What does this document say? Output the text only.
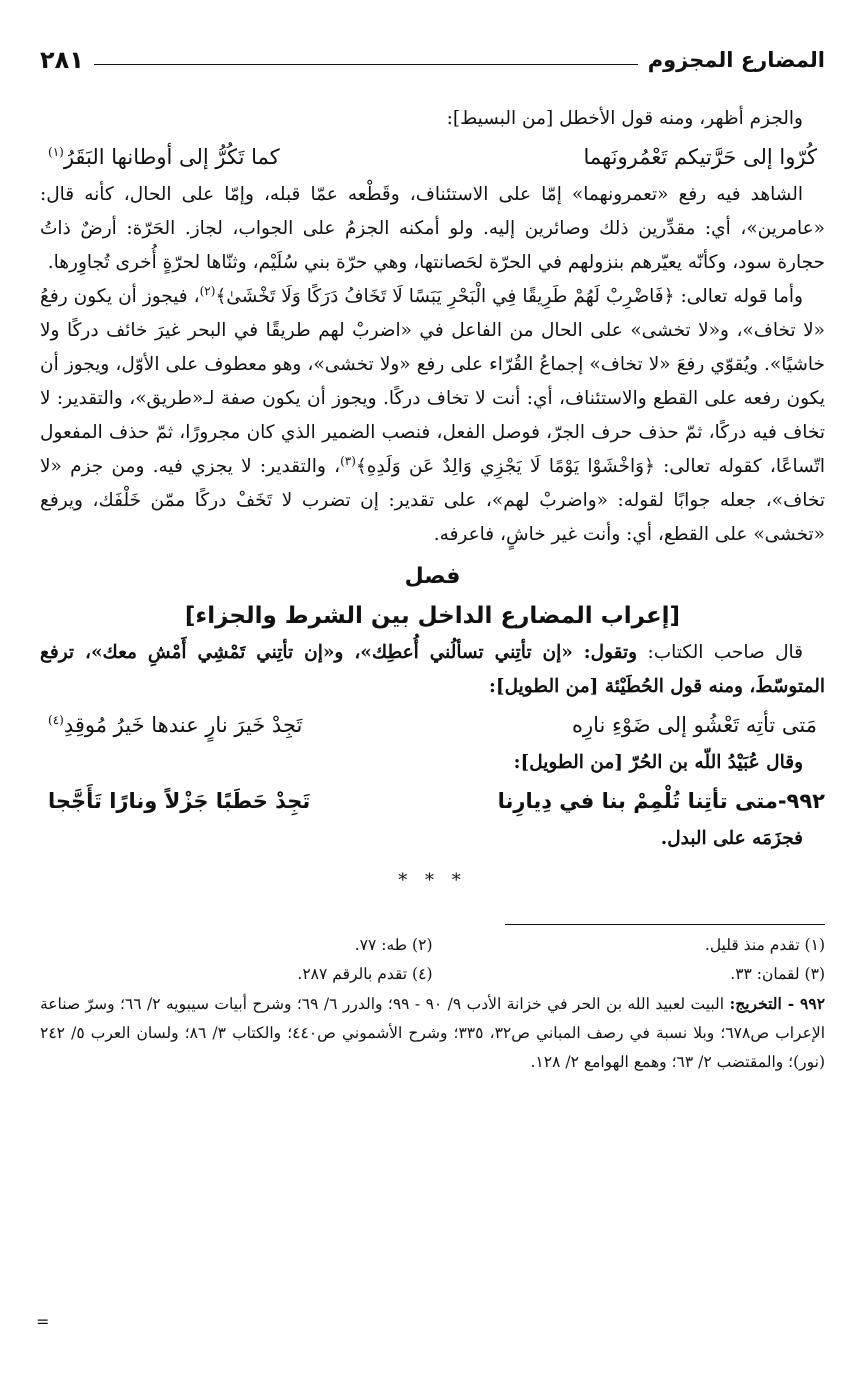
المضارع المجزوم
٢٨١

والجزم أظهر، ومنه قول الأخطل [من البسيط]:

كُرّوا إلى حَرَّتيكم تَعْمُرونَهما
كما تَكُرُّ إلى أوطانها البَقَرُ$^{(١)}$

الشاهد فيه رفع «تعمرونهما» إمّا على الاستئناف، وقَطْعه عمّا قبله، وإمّا على الحال، كأنه قال: «عامرين»، أي: مقدِّرين ذلك وصائرين إليه. ولو أمكنه الجزمُ على الجواب، لجاز. الحَرّة: أرضٌ ذاتُ حجارة سود، وكأنّه يعيّرهم بنزولهم في الحرّة لحَصانتها، وهي حرّة بني سُلَيْم، وثنّاها لحرّةٍ أُخرى تُجاوِرها.

وأما قوله تعالى: ﴿فَاضْرِبْ لَهُمْ طَرِيقًا فِي الْبَحْرِ يَبَسًا لَا تَخَافُ دَرَكًا وَلَا تَخْشَىٰ﴾$^{(٢)}$، فيجوز أن يكون رفعُ «لا تخاف»، و«لا تخشى» على الحال من الفاعل في «اضربْ لهم طريقًا في البحر غيرَ خائف دركًا ولا خاشيًا». ويُقوّي رفعَ «لا تخاف» إجماعُ القُرّاء على رفع «ولا تخشى»، وهو معطوف على الأوّل، ويجوز أن يكون رفعه على القطع والاستئناف، أي: أنت لا تخاف دركًا. ويجوز أن يكون صفة لـ«طريق»، والتقدير: لا تخاف فيه دركًا، ثمّ حذف حرف الجرّ، فوصل الفعل، فنصب الضمير الذي كان مجرورًا، ثمّ حذف المفعول اتّساعًا، كقوله تعالى: ﴿وَاخْشَوْا يَوْمًا لَا يَجْزِي وَالِدٌ عَن وَلَدِهِ﴾$^{(٣)}$، والتقدير: لا يجزي فيه. ومن جزم «لا تخاف»، جعله جوابًا لقوله: «واضربْ لهم»، على تقدير: إن تضرب لا تَخَفْ دركًا ممّن خَلْفَك، ويرفع «تخشى» على القطع، أي: وأنت غير خاشٍ، فاعرفه.

فصل
[إعراب المضارع الداخل بين الشرط والجزاء]

قال صاحب الكتاب: وتقول: «إن تأتِني تسألُني أُعطِك»، و«إن تأتِني تَمْشِي أَمْشِ معك»، ترفع المتوسّطَ، ومنه قول الحُطَيْئة [من الطويل]:

مَتى تأتِه تَعْشُو إلى ضَوْءِ نارِه
تَجِدْ خَيرَ نارٍ عندها خَيرُ مُوقِدِ$^{(٤)}$

وقال عُبَيْدُ اللّه بن الحُرّ [من الطويل]:

٩٩٢-متى تأتِنا تُلْمِمْ بنا في دِيارِنا
تَجِدْ حَطَبًا جَزْلاً ونارًا تَأَجَّجا

فجزَمَه على البدل.

* * *
(١) تقدم منذ قليل.
(٢) طه: ٧٧.
(٣) لقمان: ٣٣.
(٤) تقدم بالرقم ٢٨٧.
٩٩٢ - التخريج: البيت لعبيد الله بن الحر في خزانة الأدب ٩/ ٩٠ - ٩٩؛ والدرر ٦/ ٦٩؛ وشرح أبيات سيبويه ٢/ ٦٦؛ وسرّ صناعة الإعراب ص٦٧٨؛ وبلا نسبة في رصف المباني ص٣٢، ٣٣٥؛ وشرح الأشموني ص٤٤٠؛ والكتاب ٣/ ٨٦؛ ولسان العرب ٥/ ٢٤٢ (نور)؛ والمقتضب ٢/ ٦٣؛ وهمع الهوامع ٢/ ١٢٨.
=
